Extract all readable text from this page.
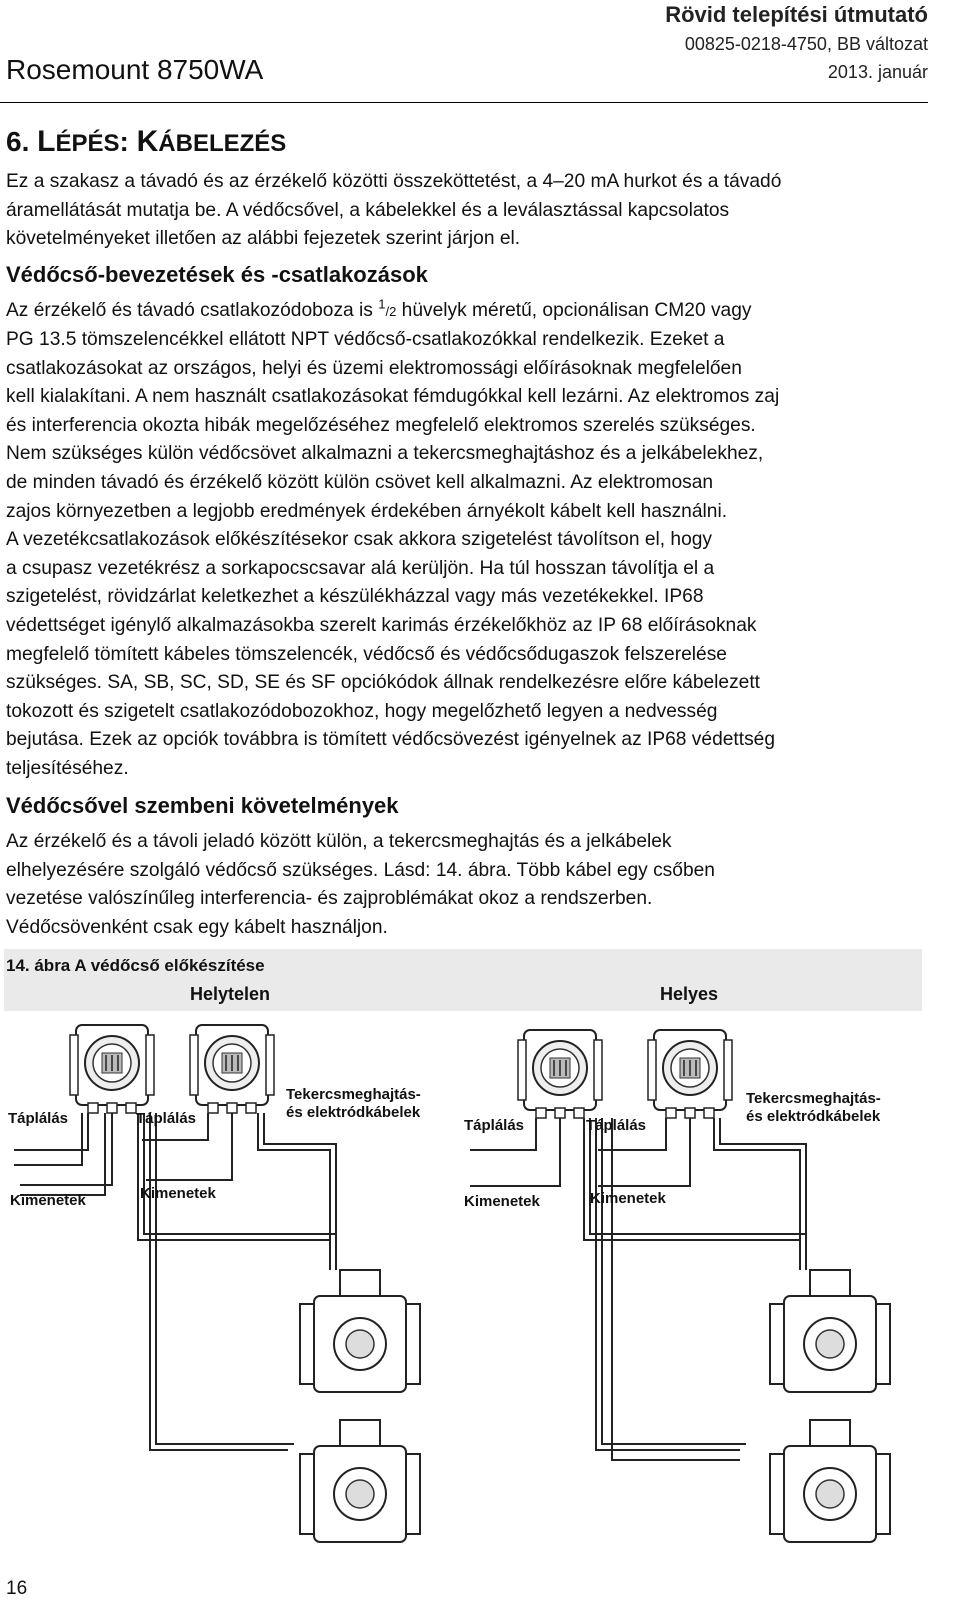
Rosemount 8750WA
Rövid telepítési útmutató
00825-0218-4750, BB változat
2013. január
6. LÉPÉS: KÁBELEZÉS
Ez a szakasz a távadó és az érzékelő közötti összeköttetést, a 4–20 mA hurkot és a távadó
áramellátását mutatja be. A védőcsővel, a kábelekkel és a leválasztással kapcsolatos
követelményeket illetően az alábbi fejezetek szerint járjon el.
Védőcső-bevezetések és -csatlakozások
Az érzékelő és távadó csatlakozódoboza is $^1$/2 hüvelyk méretű, opcionálisan CM20 vagy
PG 13.5 tömszelencékkel ellátott NPT védőcső-csatlakozókkal rendelkezik. Ezeket a
csatlakozásokat az országos, helyi és üzemi elektromossági előírásoknak megfelelően
kell kialakítani. A nem használt csatlakozásokat fémdugókkal kell lezárni. Az elektromos zaj
és interferencia okozta hibák megelőzéséhez megfelelő elektromos szerelés szükséges.
Nem szükséges külön védőcsövet alkalmazni a tekercsmeghajtáshoz és a jelkábelekhez,
de minden távadó és érzékelő között külön csövet kell alkalmazni. Az elektromosan
zajos környezetben a legjobb eredmények érdekében árnyékolt kábelt kell használni.
A vezetékcsatlakozások előkészítésekor csak akkora szigetelést távolítson el, hogy
a csupasz vezetékrész a sorkapocscsavar alá kerüljön. Ha túl hosszan távolítja el a
szigetelést, rövidzárlat keletkezhet a készülékházzal vagy más vezetékekkel. IP68
védettséget igénylő alkalmazásokba szerelt karimás érzékelőkhöz az IP 68 előírásoknak
megfelelő tömített kábeles tömszelencék, védőcső és védőcsődugaszok felszerelése
szükséges. SA, SB, SC, SD, SE és SF opciókódok állnak rendelkezésre előre kábelezett
tokozott és szigetelt csatlakozódobozokhoz, hogy megelőzhető legyen a nedvesség
bejutása. Ezek az opciók továbbra is tömített védőcsövezést igényelnek az IP68 védettség
teljesítéséhez.
Védőcsővel szembeni követelmények
Az érzékelő és a távoli jeladó között külön, a tekercsmeghajtás és a jelkábelek
elhelyezésére szolgáló védőcső szükséges. Lásd: 14. ábra. Több kábel egy csőben
vezetése valószínűleg interferencia- és zajproblémákat okoz a rendszerben.
Védőcsövenként csak egy kábelt használjon.
14. ábra A védőcső előkészítése
Helytelen	Helyes
Táplálás	Táplálás
Tekercsmeghajtás-
és elektródkábelek
Kimenetek	Kimenetek
Táplálás	Táplálás
Tekercsmeghajtás-
és elektródkábelek
Kimenetek	Kimenetek
16
